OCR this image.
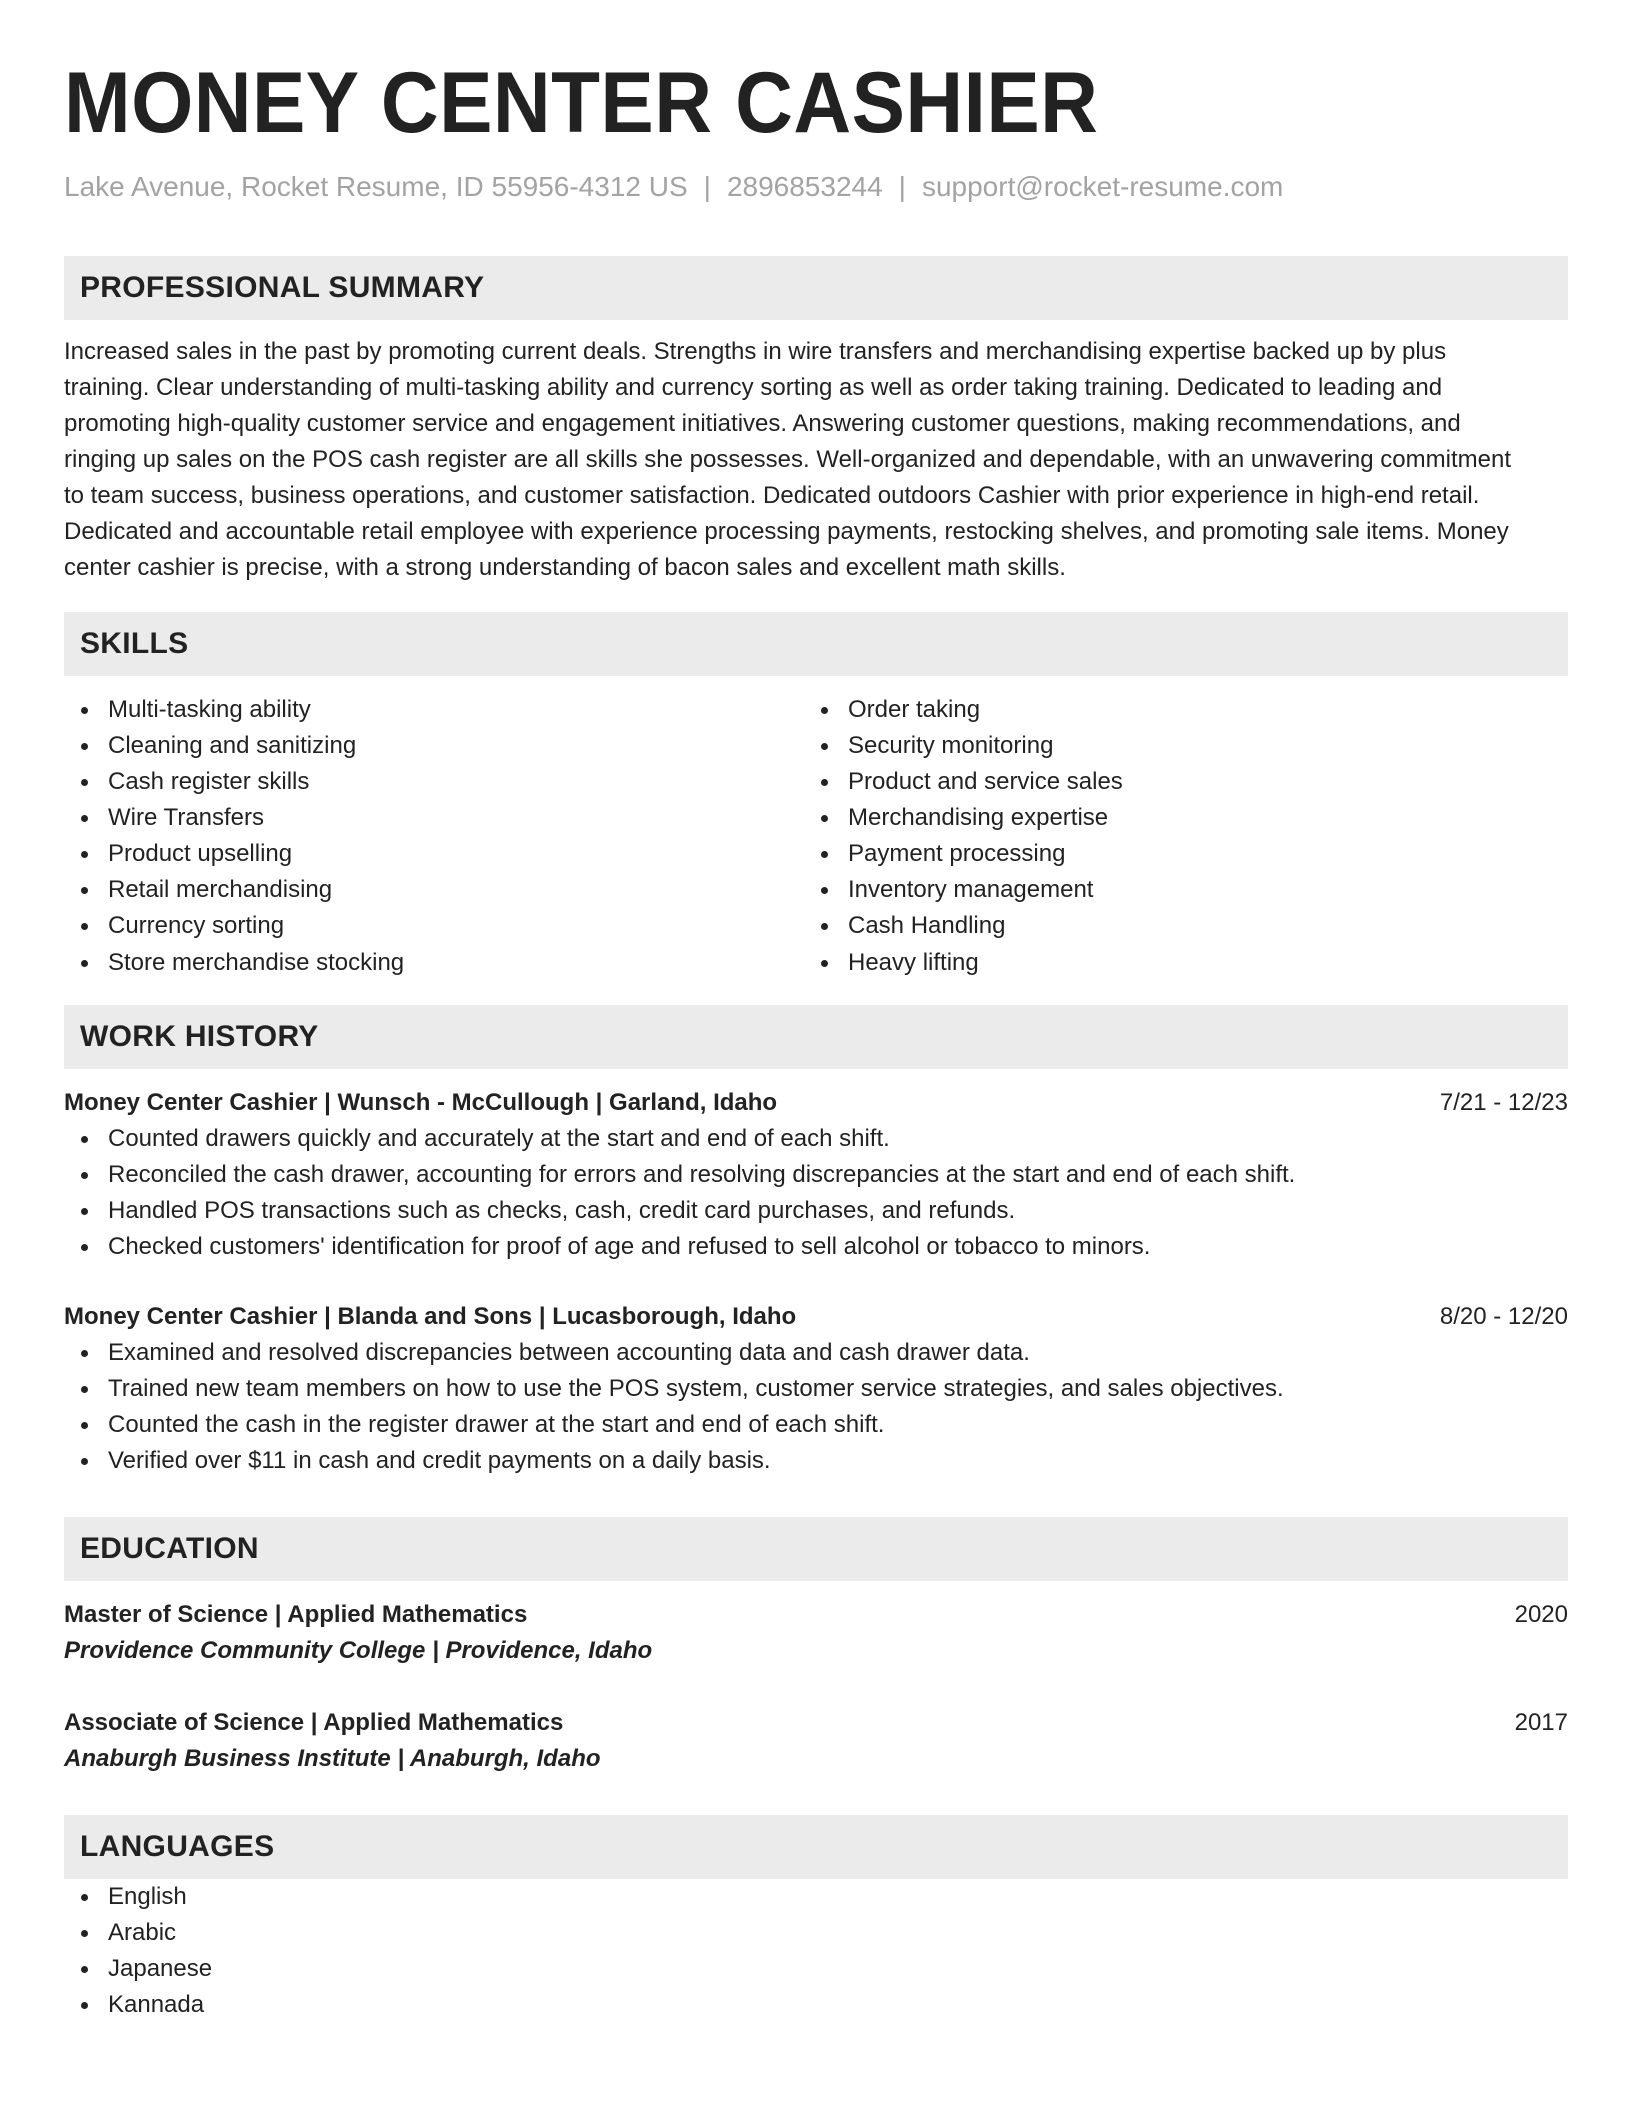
MONEY CENTER CASHIER
Lake Avenue, Rocket Resume, ID 55956-4312 US | 2896853244 | support@rocket-resume.com
PROFESSIONAL SUMMARY
Increased sales in the past by promoting current deals. Strengths in wire transfers and merchandising expertise backed up by plus
training. Clear understanding of multi-tasking ability and currency sorting as well as order taking training. Dedicated to leading and
promoting high-quality customer service and engagement initiatives. Answering customer questions, making recommendations, and
ringing up sales on the POS cash register are all skills she possesses. Well-organized and dependable, with an unwavering commitment
to team success, business operations, and customer satisfaction. Dedicated outdoors Cashier with prior experience in high-end retail.
Dedicated and accountable retail employee with experience processing payments, restocking shelves, and promoting sale items. Money
center cashier is precise, with a strong understanding of bacon sales and excellent math skills.
SKILLS
Multi-tasking ability
Cleaning and sanitizing
Cash register skills
Wire Transfers
Product upselling
Retail merchandising
Currency sorting
Store merchandise stocking
Order taking
Security monitoring
Product and service sales
Merchandising expertise
Payment processing
Inventory management
Cash Handling
Heavy lifting
WORK HISTORY
Money Center Cashier | Wunsch - McCullough | Garland, Idaho	7/21 - 12/23
Counted drawers quickly and accurately at the start and end of each shift.
Reconciled the cash drawer, accounting for errors and resolving discrepancies at the start and end of each shift.
Handled POS transactions such as checks, cash, credit card purchases, and refunds.
Checked customers' identification for proof of age and refused to sell alcohol or tobacco to minors.
Money Center Cashier | Blanda and Sons | Lucasborough, Idaho	8/20 - 12/20
Examined and resolved discrepancies between accounting data and cash drawer data.
Trained new team members on how to use the POS system, customer service strategies, and sales objectives.
Counted the cash in the register drawer at the start and end of each shift.
Verified over $11 in cash and credit payments on a daily basis.
EDUCATION
Master of Science | Applied Mathematics	2020
Providence Community College | Providence, Idaho
Associate of Science | Applied Mathematics	2017
Anaburgh Business Institute | Anaburgh, Idaho
LANGUAGES
English
Arabic
Japanese
Kannada
